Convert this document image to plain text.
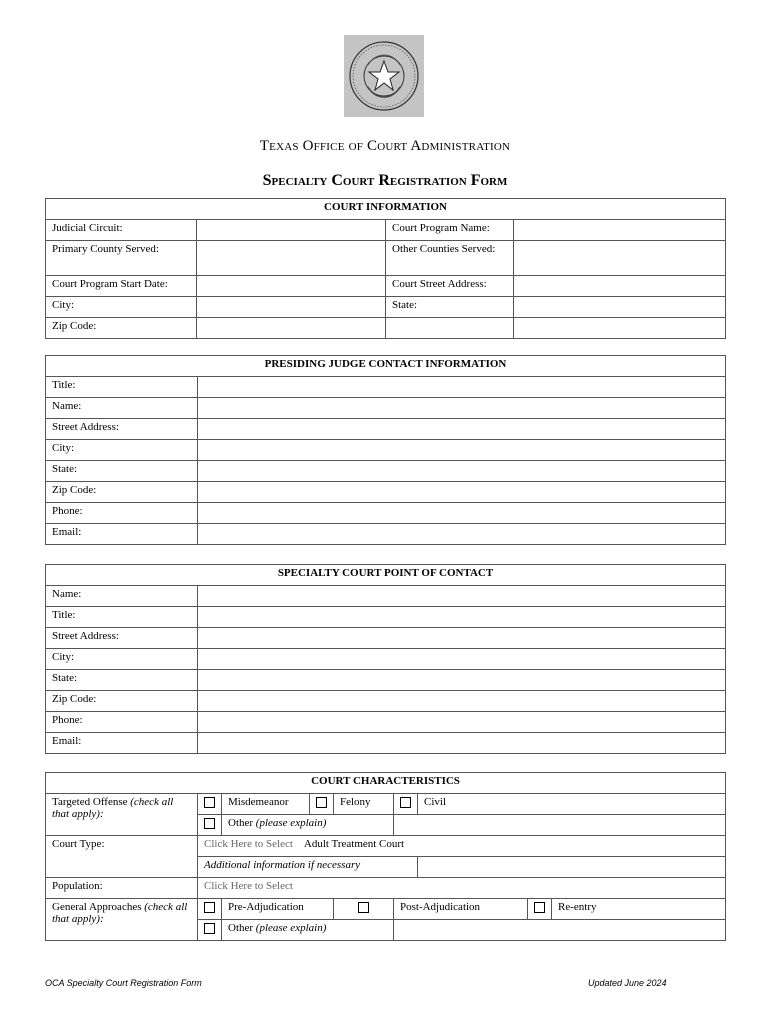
Texas Office of Court Administration
Specialty Court Registration Form
COURT INFORMATION			
Judicial Circuit:		Court Program Name:	
Primary County Served:		Other Counties Served:	
Court Program Start Date:		Court Street Address:	
City:		State:	
Zip Code:			
PRESIDING JUDGE CONTACT INFORMATION	
Title:	
Name:	
Street Address:	
City:	
State:	
Zip Code:	
Phone:	
Email:	
SPECIALTY COURT POINT OF CONTACT	
Name:	
Title:	
Street Address:	
City:	
State:	
Zip Code:	
Phone:	
Email:	
COURT CHARACTERISTICS								
Targeted Offense (check all that apply):		Misdemeanor		Felony		Civil		
		Other (please explain)						
Court Type:	Click Here to Select Adult Treatment Court							
	Additional information if necessary							
Population:	Click Here to Select							
General Approaches (check all that apply):		Pre-Adjudication			Post-Adjudication			Re-entry
		Other (please explain)						
OCA Specialty Court Registration Form	Updated June 2024
